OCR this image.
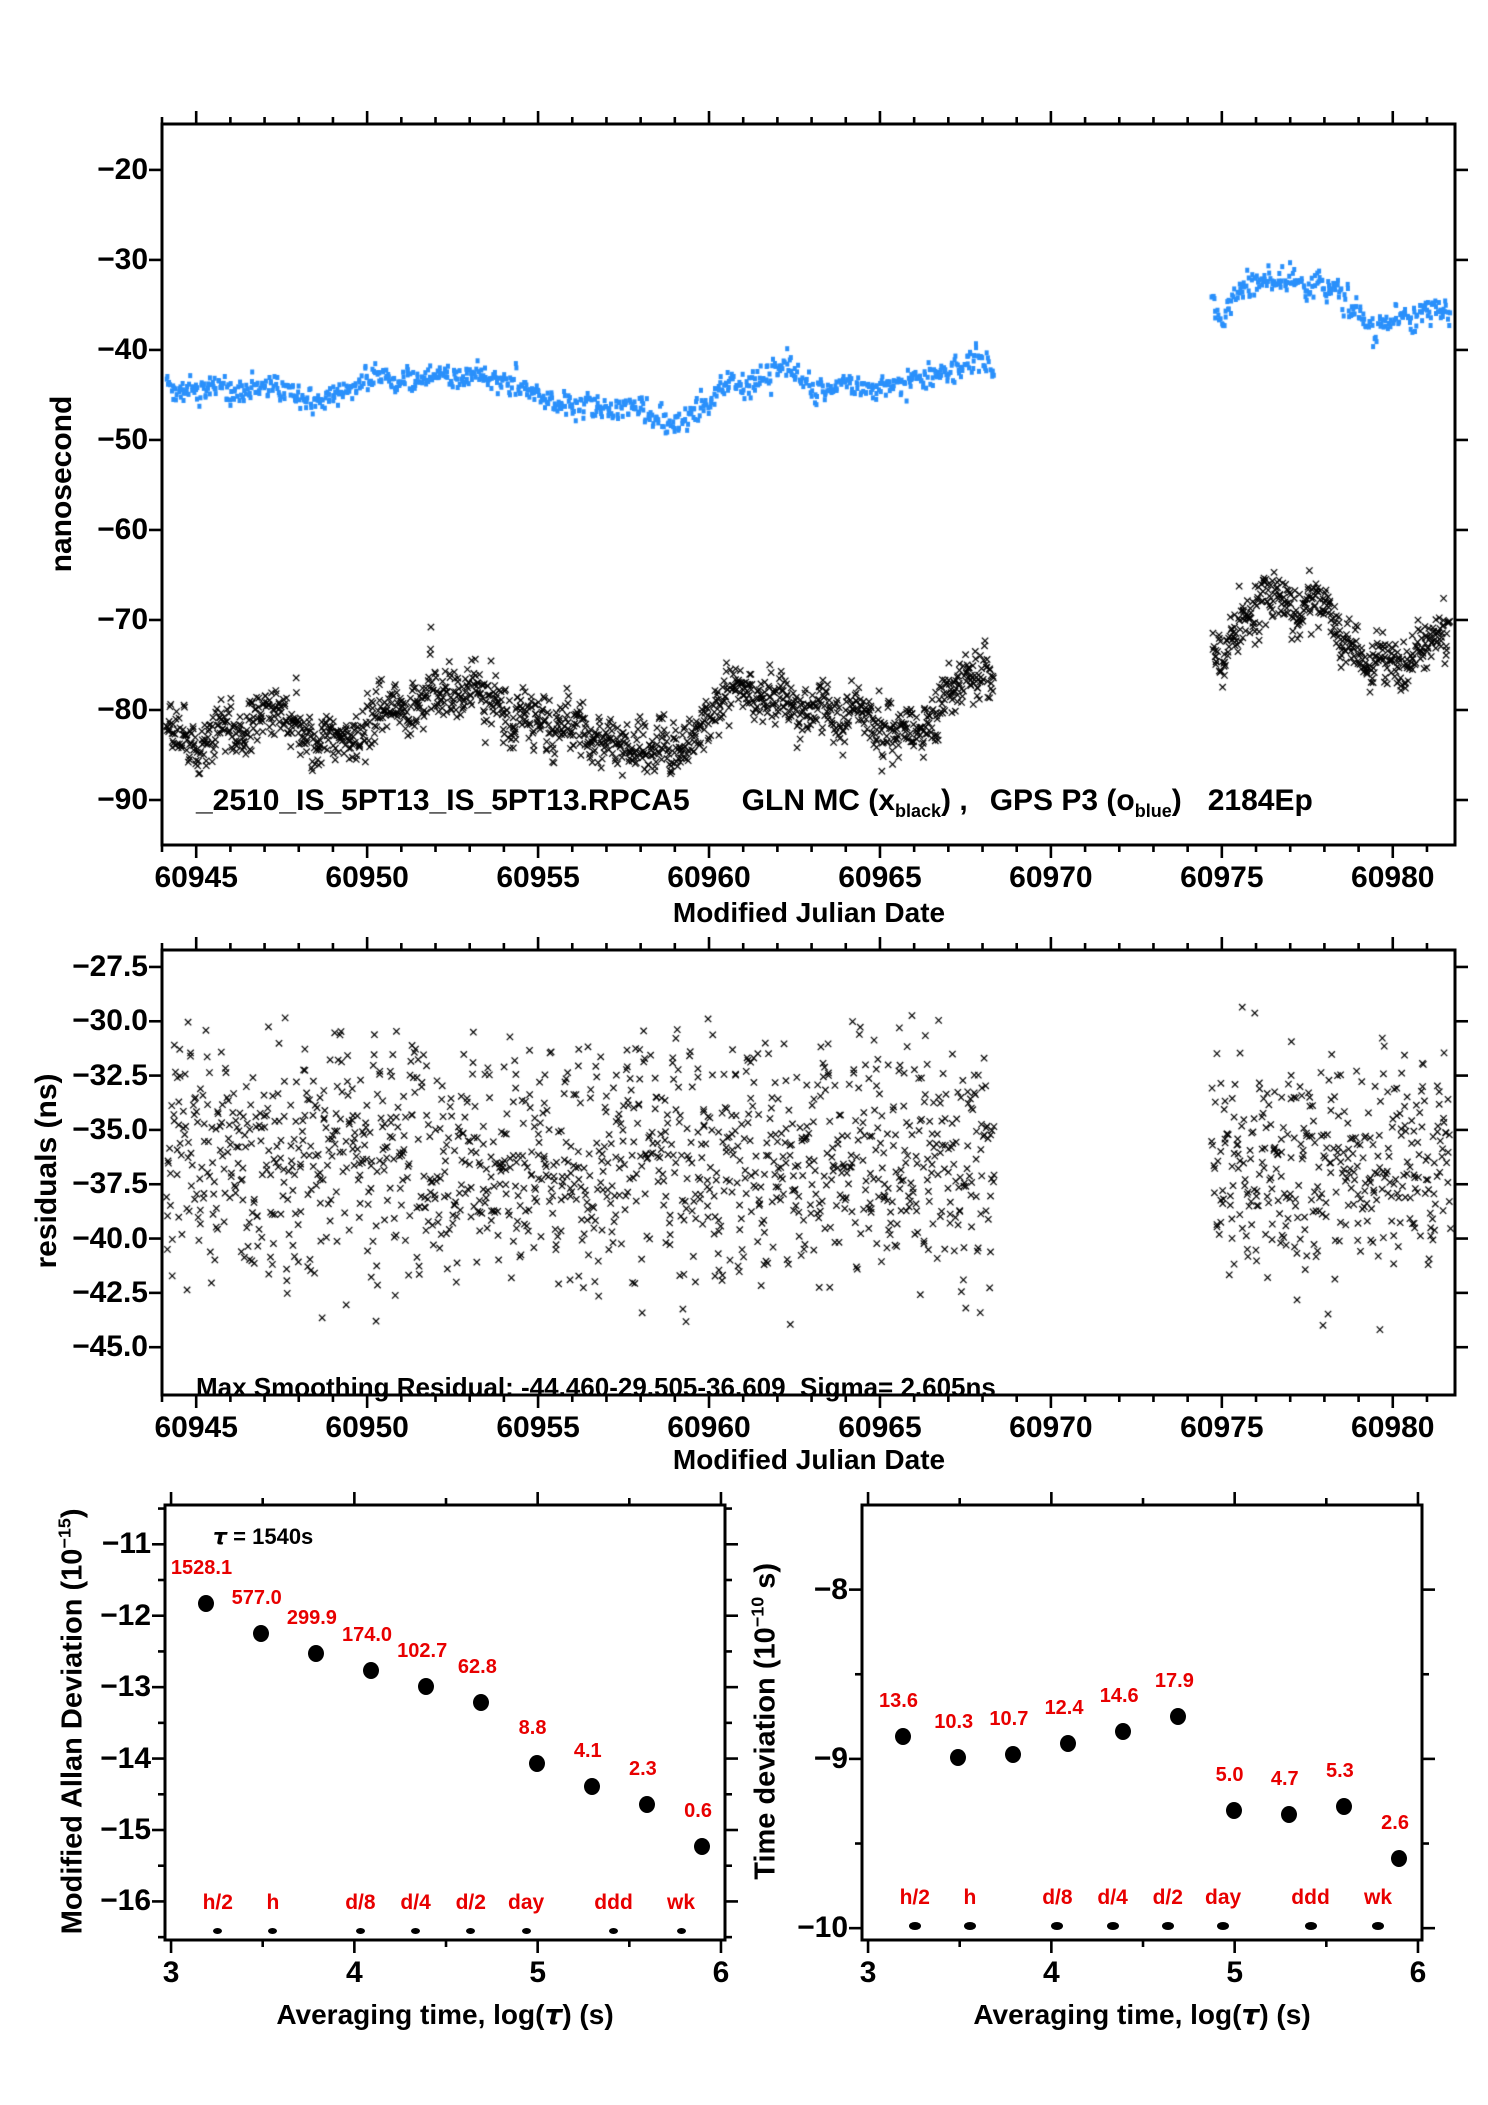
nanosecond
Modified Julian Date
residuals (ns)
Modified Julian Date
Modified Allan Deviation $(10^{-15})$
Averaging time, log(τ) (s)
τ = 1540s
Time deviation ($10^{-10}$ s)
Averaging time, log(τ) (s)
60945	60950	60955	60960	60965	60970	60975	60980
−20
−30
−40
−50
−60
−70
−80
−90
60945	60950	60955	60960	60965	60970	60975	60980
−27.5
−30.0
−32.5
−35.0
−37.5
−40.0
−42.5
−45.0
3	4	5	6
−11
−12
−13
−14
−15
−16
1528.1
577.0
299.9
174.0
102.7
62.8
8.8
4.1
2.3
0.6
h/2	h	d/8	d/4	d/2	day	ddd	wk
3	4	5	6
−8
−9
−10
13.6
10.3 10.7 12.4
14.6
17.9
5.0	4.7	5.3
2.6
h/2	h	d/8	d/4	d/2	day	ddd	wk
